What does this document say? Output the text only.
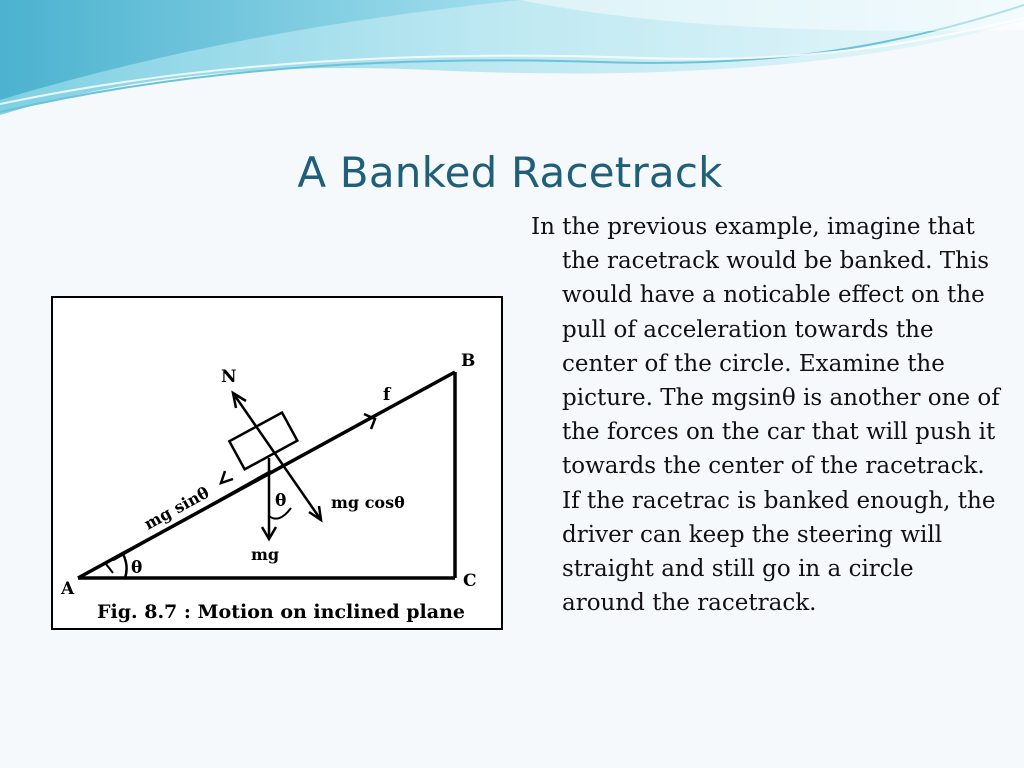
A Banked Racetrack
A
B
C
N
f
mg
mg cosθ
mg sinθ	θ
θ
Fig. 8.7 : Motion on inclined plane
In the previous example, imagine that the racetrack would be banked. This would have a noticable effect on the pull of acceleration towards the center of the circle. Examine the picture. The mgsinθ is another one of the forces on the car that will push it towards the center of the racetrack. If the racetrac is banked enough, the driver can keep the steering will straight and still go in a circle around the racetrack.
